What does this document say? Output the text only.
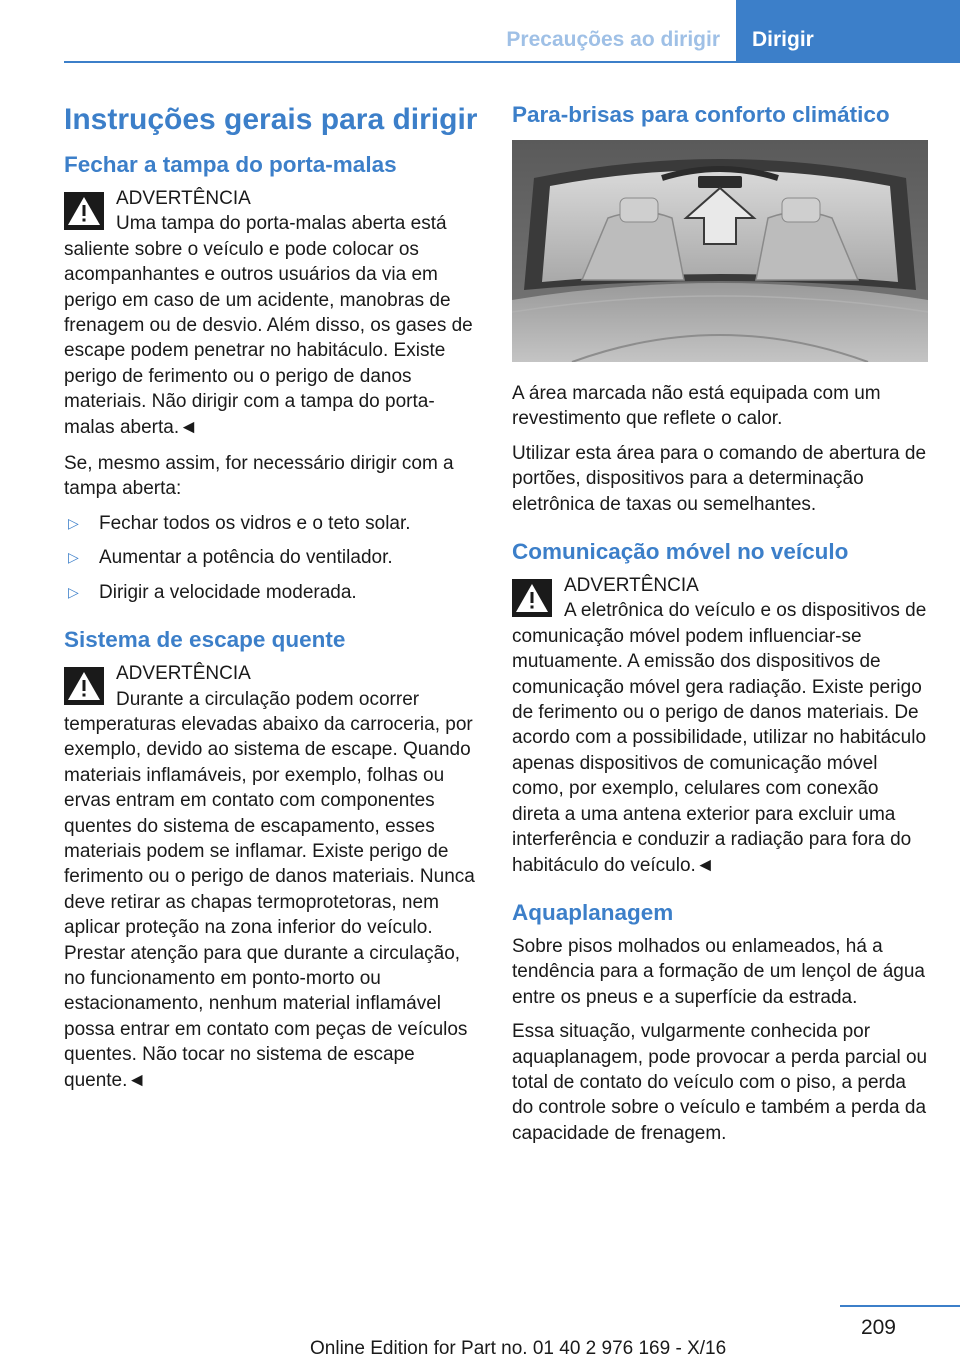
Precauções ao dirigir	Dirigir
Instruções gerais para dirigir
Fechar a tampa do porta-malas
ADVERTÊNCIA
Uma tampa do porta-malas aberta está saliente sobre o veículo e pode colocar os acompanhantes e outros usuários da via em perigo em caso de um acidente, manobras de frenagem ou de desvio. Além disso, os gases de escape podem penetrar no habitáculo. Existe perigo de ferimento ou o perigo de danos materiais. Não dirigir com a tampa do porta-malas aberta.◄

Se, mesmo assim, for necessário dirigir com a tampa aberta:

▷ Fechar todos os vidros e o teto solar.
▷ Aumentar a potência do ventilador.
▷ Dirigir a velocidade moderada.
Sistema de escape quente
ADVERTÊNCIA
Durante a circulação podem ocorrer temperaturas elevadas abaixo da carroceria, por exemplo, devido ao sistema de escape. Quando materiais inflamáveis, por exemplo, folhas ou ervas entram em contato com componentes quentes do sistema de escapamento, esses materiais podem se inflamar. Existe perigo de ferimento ou o perigo de danos materiais. Nunca deve retirar as chapas termoprotetoras, nem aplicar proteção na zona inferior do veículo. Prestar atenção para que durante a circulação, no funcionamento em ponto-morto ou estacionamento, nenhum material inflamável possa entrar em contato com peças de veículos quentes. Não tocar no sistema de escape quente.◄
Para-brisas para conforto climático

A área marcada não está equipada com um revestimento que reflete o calor.

Utilizar esta área para o comando de abertura de portões, dispositivos para a determinação eletrônica de taxas ou semelhantes.

Comunicação móvel no veículo
ADVERTÊNCIA
A eletrônica do veículo e os dispositivos de comunicação móvel podem influenciar-se mutuamente. A emissão dos dispositivos de comunicação móvel gera radiação. Existe perigo de ferimento ou o perigo de danos materiais. De acordo com a possibilidade, utilizar no habitáculo apenas dispositivos de comunicação móvel como, por exemplo, celulares com conexão direta a uma antena exterior para excluir uma interferência e conduzir a radiação para fora do habitáculo do veículo.◄
Aquaplanagem

Sobre pisos molhados ou enlameados, há a tendência para a formação de um lençol de água entre os pneus e a superfície da estrada.

Essa situação, vulgarmente conhecida por aquaplanagem, pode provocar a perda parcial ou total de contato do veículo com o piso, a perda do controle sobre o veículo e também a perda da capacidade de frenagem.

209
Online Edition for Part no. 01 40 2 976 169 - X/16
